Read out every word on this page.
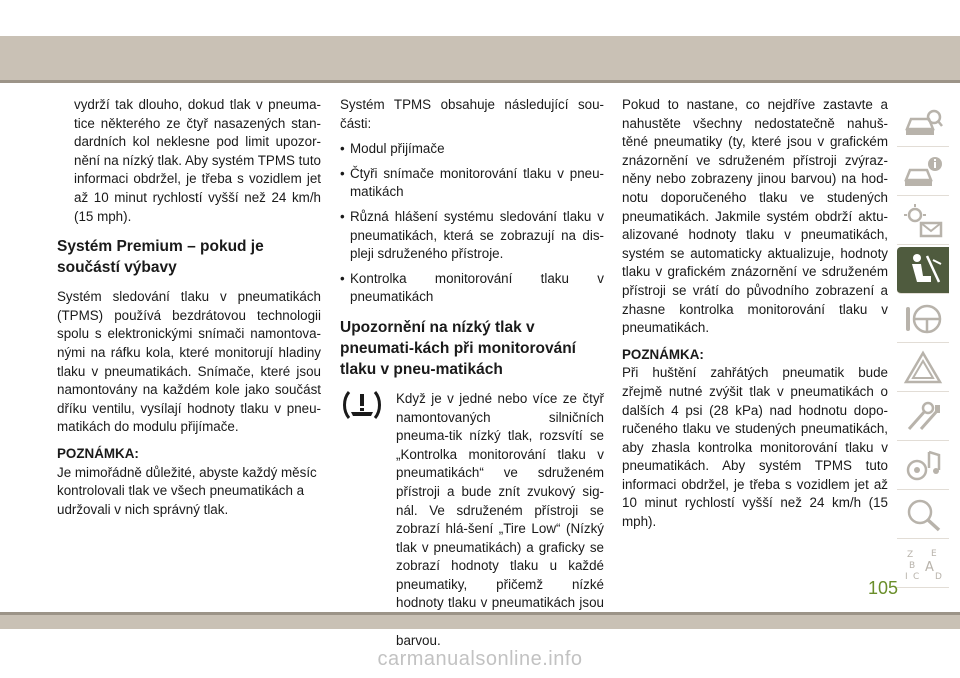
vydrží tak dlouho, dokud tlak v pneuma-tice některého ze čtyř nasazených stan-dardních kol neklesne pod limit upozor-nění na nízký tlak. Aby systém TPMS tuto informaci obdržel, je třeba s vozidlem jet až 10 minut rychlostí vyšší než 24 km/h (15 mph).

Systém Premium – pokud je součástí výbavy

Systém sledování tlaku v pneumatikách (TPMS) používá bezdrátovou technologii spolu s elektronickými snímači namontova-nými na ráfku kola, které monitorují hladiny tlaku v pneumatikách. Snímače, které jsou namontovány na každém kole jako součást dříku ventilu, vysílají hodnoty tlaku v pneu-matikách do modulu přijímače.

POZNÁMKA:

Je mimořádně důležité, abyste každý měsíc kontrolovali tlak ve všech pneumatikách a udržovali v nich správný tlak.

Systém TPMS obsahuje následující sou-části:

• Modul přijímače
• Čtyři snímače monitorování tlaku v pneu-matikách
• Různá hlášení systému sledování tlaku v pneumatikách, která se zobrazují na dis-pleji sdruženého přístroje.
• Kontrolka monitorování tlaku v pneumatikách
Upozornění na nízký tlak v pneumati-kách při monitorování tlaku v pneu-matikách

Když je v jedné nebo více ze čtyř namontovaných silničních pneuma-tik nízký tlak, rozsvítí se „Kontrolka monitorování tlaku v pneumatikách“ ve sdruženém přístroji a bude znít zvukový sig-nál. Ve sdruženém přístroji se zobrazí hlá-šení „Tire Low“ (Nízký tlak v pneumatikách) a graficky se zobrazí hodnoty tlaku u každé pneumatiky, přičemž nízké hodnoty tlaku v pneumatikách jsou barvou.

Pokud to nastane, co nejdříve zastavte a nahustěte všechny nedostatečně nahuš-těné pneumatiky (ty, které jsou v grafickém znázornění ve sdruženém přístroji zvýraz-něny nebo zobrazeny jinou barvou) na hod-notu doporučeného tlaku ve studených pneumatikách. Jakmile systém obdrží aktu-alizované hodnoty tlaku v pneumatikách, systém se automaticky aktualizuje, hodnoty tlaku v grafickém znázornění ve sdruženém přístroji se vrátí do původního zobrazení a zhasne kontrolka monitorování tlaku v pneumatikách.

POZNÁMKA:

Při huštění zahřátých pneumatik bude zřejmě nutné zvýšit tlak v pneumatikách o dalších 4 psi (28 kPa) nad hodnotu dopo-ručeného tlaku ve studených pneumatikách, aby zhasla kontrolka monitorování tlaku v pneumatikách. Aby systém TPMS tuto informaci obdržel, je třeba s vozidlem jet až 10 minut rychlostí vyšší než 24 km/h (15 mph).

Z E
B A
C D
I
105
carmanualsonline.info
